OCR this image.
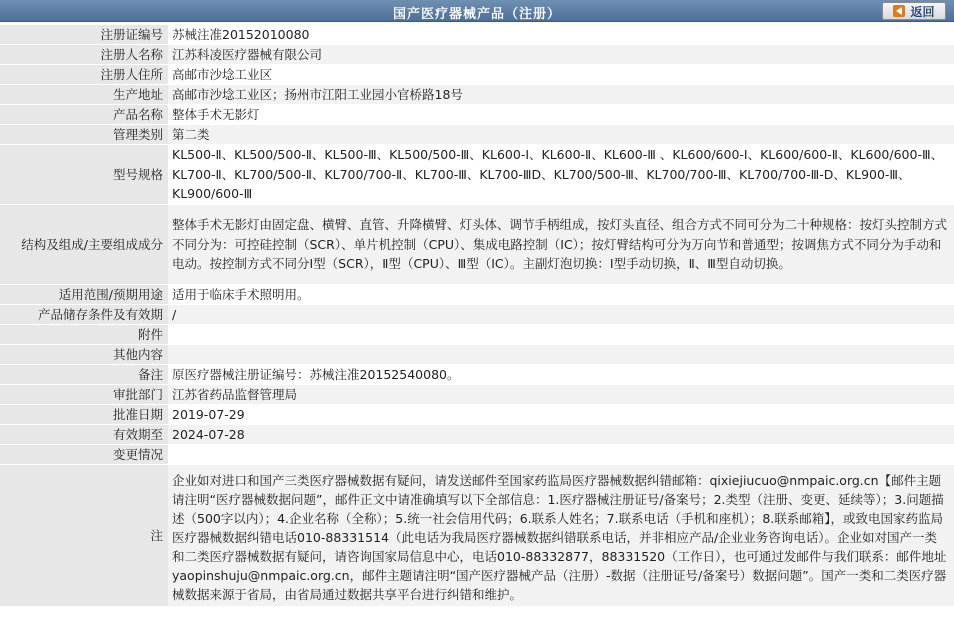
国产医疗器械产品（注册）	返回
注册证编号	苏械注准20152010080
注册人名称	江苏科凌医疗器械有限公司
注册人住所	高邮市沙埝工业区
生产地址	高邮市沙埝工业区；扬州市江阳工业园小官桥路18号
产品名称	整体手术无影灯
管理类别	第二类
型号规格	KL500-Ⅱ、KL500/500-Ⅱ、KL500-Ⅲ、KL500/500-Ⅲ、KL600-Ⅰ、KL600-Ⅱ、KL600-Ⅲ 、KL600/600-Ⅰ、KL600/600-Ⅱ、KL600/600-Ⅲ、KL700-Ⅱ、KL700/500-Ⅱ、KL700/700-Ⅱ、KL700-Ⅲ、KL700-ⅢD、KL700/500-Ⅲ、KL700/700-Ⅲ、KL700/700-Ⅲ-D、KL900-Ⅲ、KL900/600-Ⅲ
结构及组成/主要组成成分	整体手术无影灯由固定盘、横臂、直管、升降横臂、灯头体、调节手柄组成，按灯头直径、组合方式不同可分为二十种规格：按灯头控制方式不同分为：可控硅控制（SCR）、单片机控制（CPU）、集成电路控制（IC）；按灯臂结构可分为万向节和普通型；按调焦方式不同分为手动和电动。按控制方式不同分Ⅰ型（SCR），Ⅱ型（CPU）、Ⅲ型（IC）。主副灯泡切换：Ⅰ型手动切换，Ⅱ、Ⅲ型自动切换。
适用范围/预期用途	适用于临床手术照明用。
产品储存条件及有效期	/
附件	
其他内容	
备注	原医疗器械注册证编号：苏械注准20152540080。
审批部门	江苏省药品监督管理局
批准日期	2019-07-29
有效期至	2024-07-28
变更情况	
注	企业如对进口和国产三类医疗器械数据有疑问，请发送邮件至国家药监局医疗器械数据纠错邮箱：qixiejiucuo@nmpaic.org.cn【邮件主题请注明“医疗器械数据问题”，邮件正文中请准确填写以下全部信息：1.医疗器械注册证号/备案号；2.类型（注册、变更、延续等）；3.问题描述（500字以内）；4.企业名称（全称）；5.统一社会信用代码；6.联系人姓名；7.联系电话（手机和座机）；8.联系邮箱】，或致电国家药监局医疗器械数据纠错电话010-88331514（此电话为我局医疗器械数据纠错联系电话，并非相应产品/企业业务咨询电话）。企业如对国产一类和二类医疗器械数据有疑问，请咨询国家局信息中心，电话010-88332877，88331520（工作日），也可通过发邮件与我们联系：邮件地址yaopinshuju@nmpaic.org.cn，邮件主题请注明“国产医疗器械产品（注册）-数据（注册证号/备案号）数据问题”。国产一类和二类医疗器械数据来源于省局，由省局通过数据共享平台进行纠错和维护。
